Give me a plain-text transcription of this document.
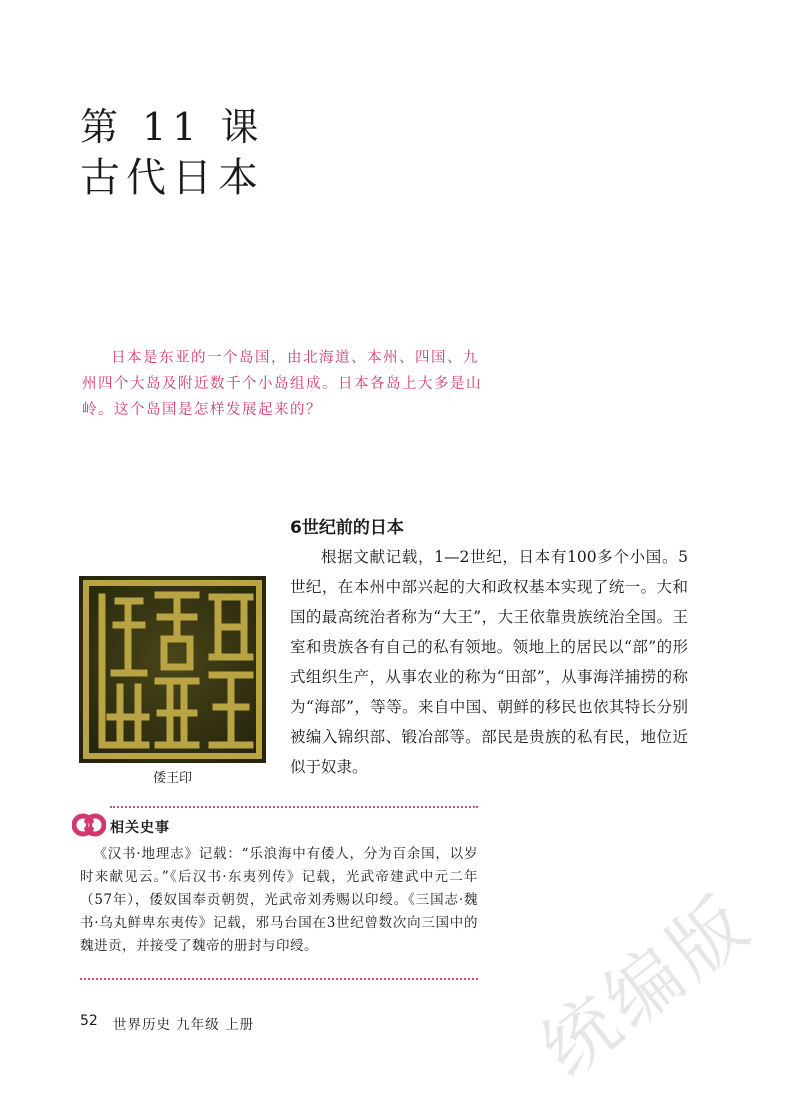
第 11 课
古代日本

日本是东亚的一个岛国，由北海道、本州、四国、九州四个大岛及附近数千个小岛组成。日本各岛上大多是山岭。这个岛国是怎样发展起来的？

6世纪前的日本

根据文献记载，1—2世纪，日本有100多个小国。5世纪，在本州中部兴起的大和政权基本实现了统一。大和国的最高统治者称为“大王”，大王依靠贵族统治全国。王室和贵族各有自己的私有领地。领地上的居民以“部”的形式组织生产，从事农业的称为“田部”，从事海洋捕捞的称为“海部”，等等。来自中国、朝鲜的移民也依其特长分别被编入锦织部、锻冶部等。部民是贵族的私有民，地位近似于奴隶。

倭王印
相关史事

《汉书·地理志》记载：“乐浪海中有倭人，分为百余国，以岁时来献见云。”《后汉书·东夷列传》记载，光武帝建武中元二年（57年），倭奴国奉贡朝贺，光武帝刘秀赐以印绶。《三国志·魏书·乌丸鲜卑东夷传》记载，邪马台国在3世纪曾数次向三国中的魏进贡，并接受了魏帝的册封与印绶。

52 世界历史 九年级 上册	统编版
